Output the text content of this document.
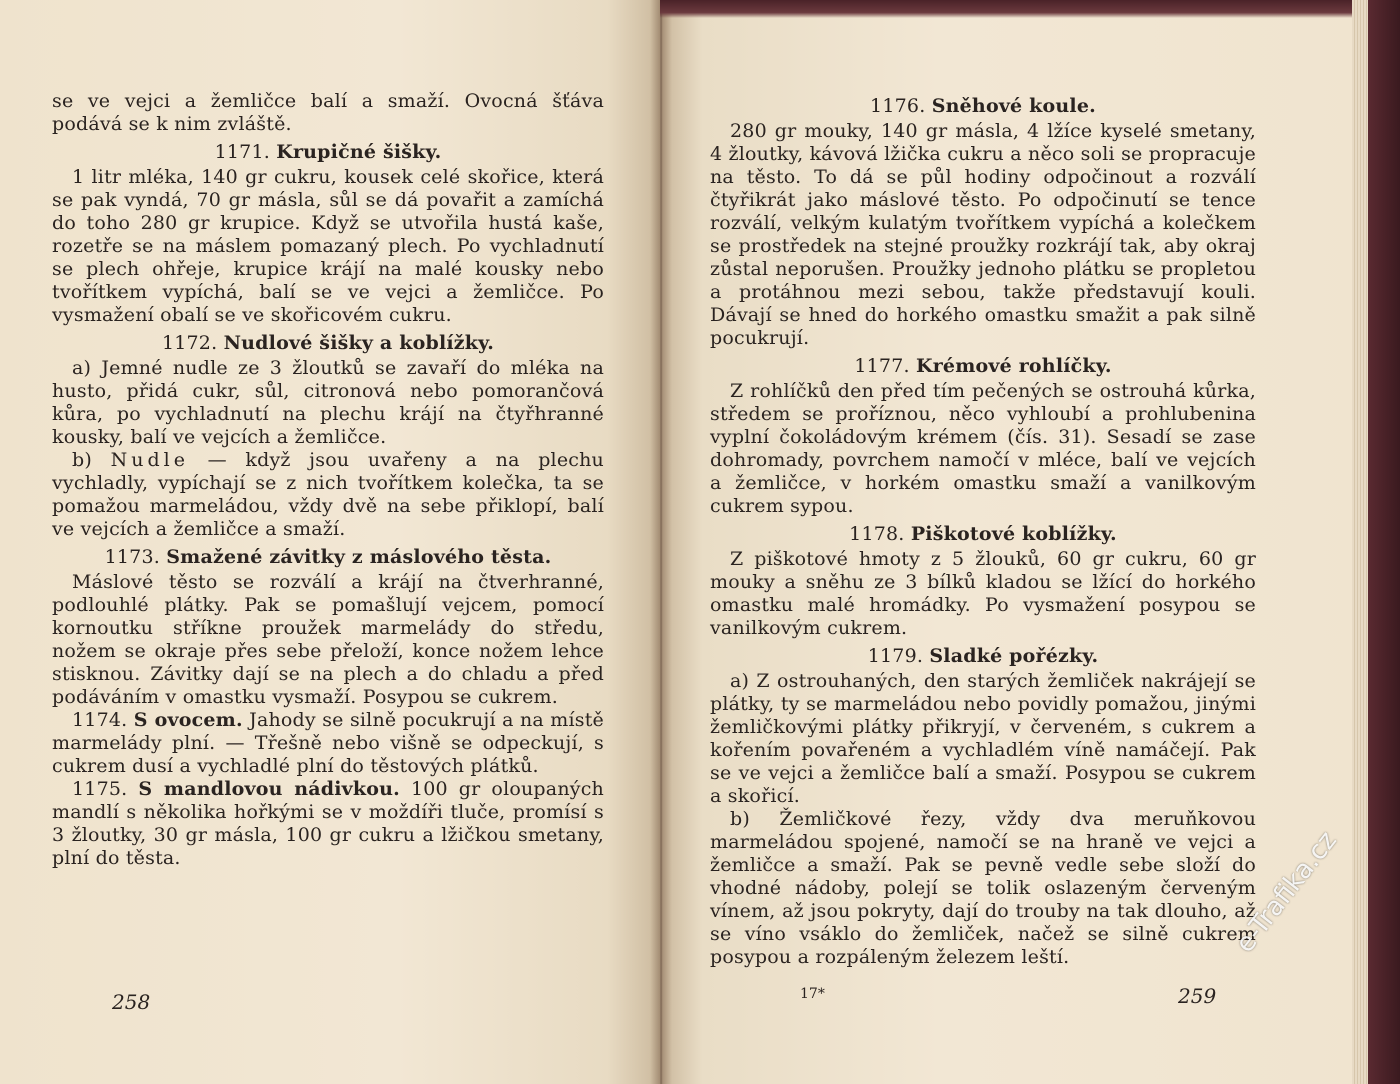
se ve vejci a žemličce balí a smaží. Ovocná šťáva podává se k nim zvláště.

1171. Krupičné šišky.

1 litr mléka, 140 gr cukru, kousek celé skořice, která se pak vyndá, 70 gr másla, sůl se dá povařit a zamíchá do toho 280 gr krupice. Když se utvořila hustá kaše, rozetře se na máslem pomazaný plech. Po vychladnutí se plech ohřeje, krupice krájí na malé kousky nebo tvořítkem vypíchá, balí se ve vejci a žemličce. Po vysmažení obalí se ve skořicovém cukru.

1172. Nudlové šišky a koblížky.

a) Jemné nudle ze 3 žloutků se zavaří do mléka na husto, přidá cukr, sůl, citronová nebo pomorančová kůra, po vychladnutí na plechu krájí na čtyřhranné kousky, balí ve vejcích a žemličce.

b) Nudle — když jsou uvařeny a na plechu vychladly, vypíchají se z nich tvořítkem kolečka, ta se pomažou marmeládou, vždy dvě na sebe přiklopí, balí ve vejcích a žemličce a smaží.

1173. Smažené závitky z máslového těsta.

Máslové těsto se rozválí a krájí na čtverhranné, podlouhlé plátky. Pak se pomašlují vejcem, pomocí kornoutku stříkne proužek marmelády do středu, nožem se okraje přes sebe přeloží, konce nožem lehce stisknou. Závitky dají se na plech a do chladu a před podáváním v omastku vysmaží. Posypou se cukrem.

1174. S ovocem. Jahody se silně pocukrují a na místě marmelády plní. — Třešně nebo višně se odpeckují, s cukrem dusí a vychladlé plní do těstových plátků.

1175. S mandlovou nádivkou. 100 gr oloupaných mandlí s několika hořkými se v moždíři tluče, promísí s 3 žloutky, 30 gr másla, 100 gr cukru a lžičkou smetany, plní do těsta.

258
1176. Sněhové koule.

280 gr mouky, 140 gr másla, 4 lžíce kyselé smetany, 4 žloutky, kávová lžička cukru a něco soli se propracuje na těsto. To dá se půl hodiny odpočinout a rozválí čtyřikrát jako máslové těsto. Po odpočinutí se tence rozválí, velkým kulatým tvořítkem vypíchá a kolečkem se prostředek na stejné proužky rozkrájí tak, aby okraj zůstal neporušen. Proužky jednoho plátku se propletou a protáhnou mezi sebou, takže představují kouli. Dávají se hned do horkého omastku smažit a pak silně pocukrují.

1177. Krémové rohlíčky.

Z rohlíčků den před tím pečených se ostrouhá kůrka, středem se proříznou, něco vyhloubí a prohlubenina vyplní čokoládovým krémem (čís. 31). Sesadí se zase dohromady, povrchem namočí v mléce, balí ve vejcích a žemličce, v horkém omastku smaží a vanilkovým cukrem sypou.

1178. Piškotové koblížky.

Z piškotové hmoty z 5 žlouků, 60 gr cukru, 60 gr mouky a sněhu ze 3 bílků kladou se lžící do horkého omastku malé hromádky. Po vysmažení posypou se vanilkovým cukrem.

1179. Sladké pořézky.

a) Z ostrouhaných, den starých žemliček nakrájejí se plátky, ty se marmeládou nebo povidly pomažou, jinými žemličkovými plátky přikryjí, v červeném, s cukrem a kořením povařeném a vychladlém víně namáčejí. Pak se ve vejci a žemličce balí a smaží. Posypou se cukrem a skořicí.

b) Žemličkové řezy, vždy dva meruňkovou marmeládou spojené, namočí se na hraně ve vejci a žemličce a smaží. Pak se pevně vedle sebe složí do vhodné nádoby, polejí se tolik oslazeným červeným vínem, až jsou pokryty, dají do trouby na tak dlouho, až se víno vsáklo do žemliček, načež se silně cukrem posypou a rozpáleným železem leští.

17*	259
e-Trafika.cz
